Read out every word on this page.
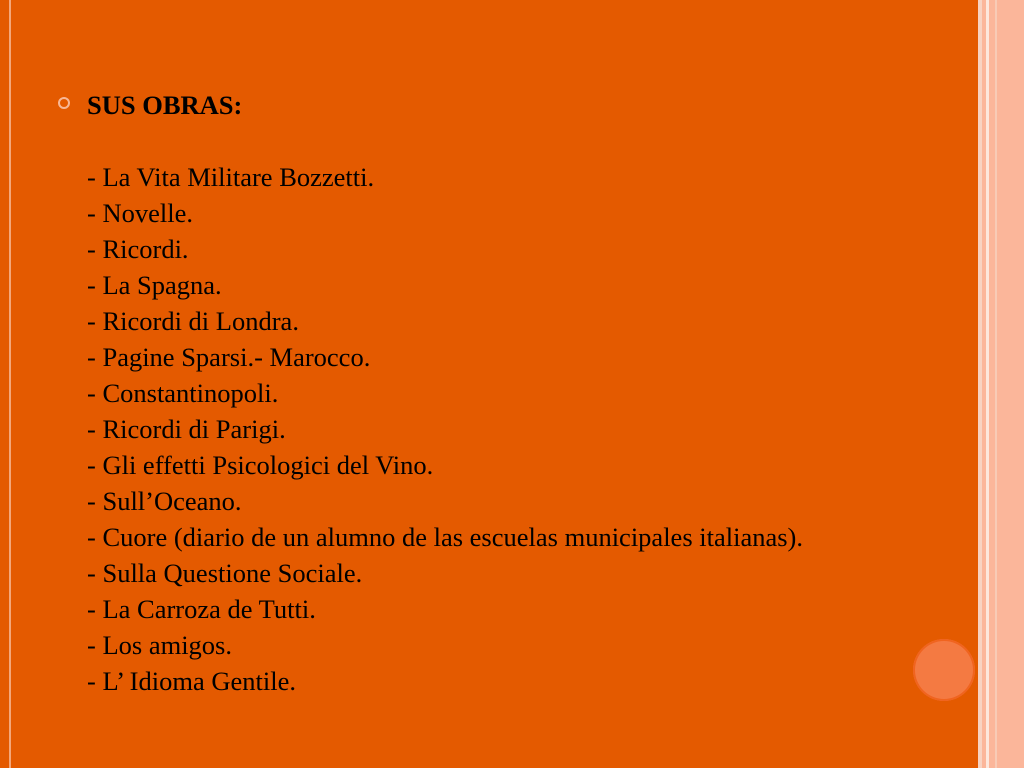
SUS OBRAS:

- La Vita Militare Bozzetti.

- Novelle.

- Ricordi.

- La Spagna.

- Ricordi di Londra.

- Pagine Sparsi.- Marocco.

- Constantinopoli.

- Ricordi di Parigi.

- Gli effetti Psicologici del Vino.

- Sull’Oceano.

- Cuore (diario de un alumno de las escuelas municipales italianas).

- Sulla Questione Sociale.

- La Carroza de Tutti.

- Los amigos.

- L’ Idioma Gentile.
